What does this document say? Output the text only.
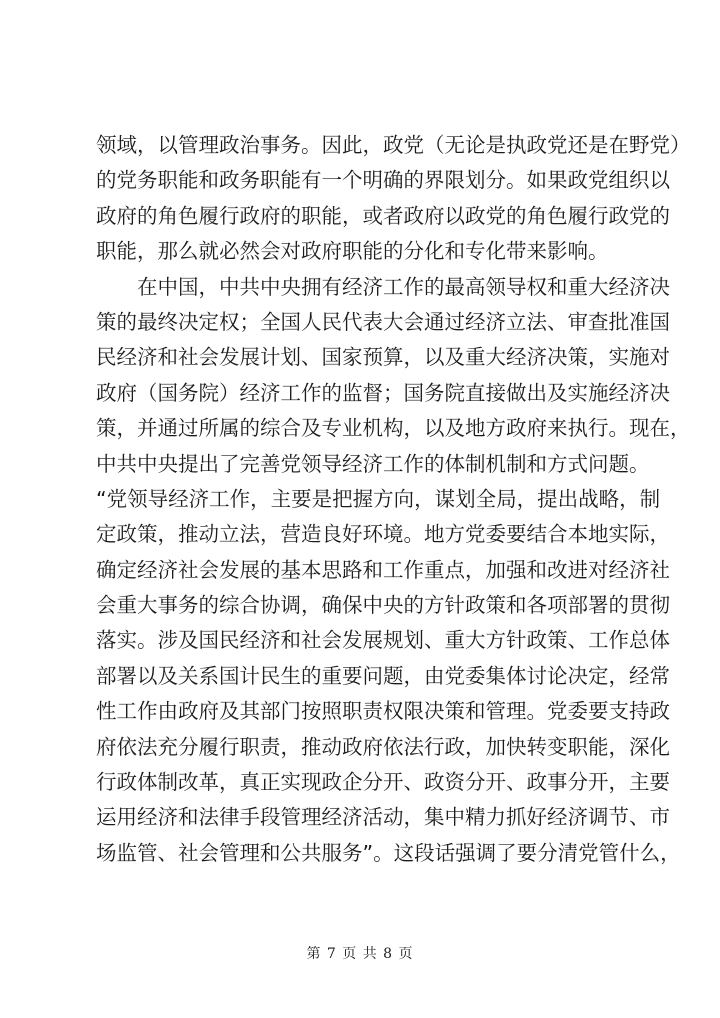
领域，以管理政治事务。因此，政党（无论是执政党还是在野党）
的党务职能和政务职能有一个明确的界限划分。如果政党组织以
政府的角色履行政府的职能，或者政府以政党的角色履行政党的
职能，那么就必然会对政府职能的分化和专化带来影响。
在中国，中共中央拥有经济工作的最高领导权和重大经济决
策的最终决定权；全国人民代表大会通过经济立法、审查批准国
民经济和社会发展计划、国家预算，以及重大经济决策，实施对
政府（国务院）经济工作的监督；国务院直接做出及实施经济决
策，并通过所属的综合及专业机构，以及地方政府来执行。现在，
中共中央提出了完善党领导经济工作的体制机制和方式问题。
“党领导经济工作，主要是把握方向，谋划全局，提出战略，制
定政策，推动立法，营造良好环境。地方党委要结合本地实际，
确定经济社会发展的基本思路和工作重点，加强和改进对经济社
会重大事务的综合协调，确保中央的方针政策和各项部署的贯彻
落实。涉及国民经济和社会发展规划、重大方针政策、工作总体
部署以及关系国计民生的重要问题，由党委集体讨论决定，经常
性工作由政府及其部门按照职责权限决策和管理。党委要支持政
府依法充分履行职责，推动政府依法行政，加快转变职能，深化
行政体制改革，真正实现政企分开、政资分开、政事分开，主要
运用经济和法律手段管理经济活动，集中精力抓好经济调节、市
场监管、社会管理和公共服务”。这段话强调了要分清党管什么，
第 7 页 共 8 页
